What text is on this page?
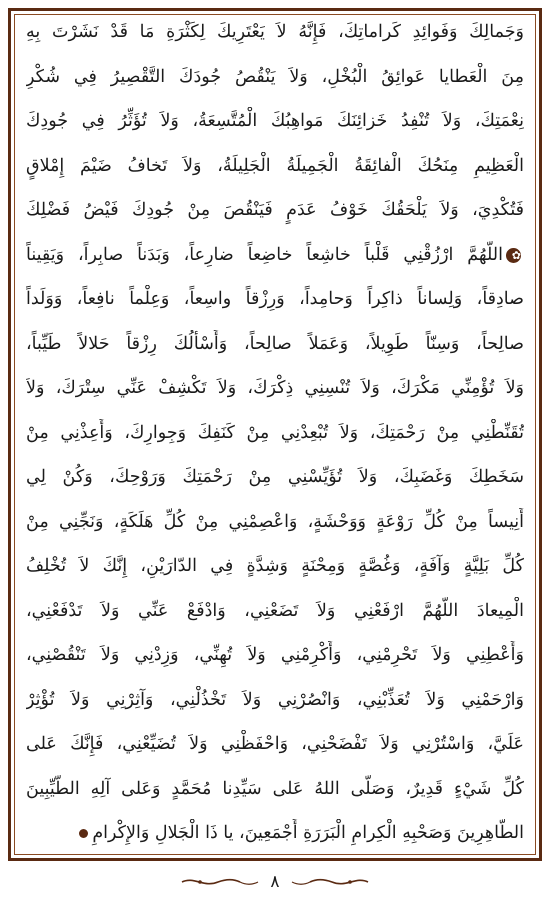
وَجَمالِكَ وَفَوائِدِ كَراماتِكَ، فَإِنَّهُ لاَ يَعْتَرِيكَ لِكَثْرَةِ مَا قَدْ نَشَرْتَ بِهِ
مِنَ الْعَطايا عَوائِقُ الْبُخْلِ، وَلاَ يَنْقُصُ جُودَكَ التَّقْصِيرُ فِي شُكْرِ
نِعْمَتِكَ، وَلاَ تُنْفِدُ خَزائِنَكَ مَواهِبُكَ الْمُتَّسِعَةُ، وَلاَ تُؤَثِّرُ فِي جُودِكَ
الْعَظِيمِ مِنَحُكَ الْفائِقَةُ الْجَمِيلَةُ الْجَلِيلَةُ، وَلاَ تَخافُ ضَيْمَ إِمْلاقٍ
فَتُكْدِيَ، وَلاَ يَلْحَقُكَ خَوْفُ عَدَمٍ فَيَنْقُصَ مِنْ جُودِكَ فَيْضُ فَضْلِكَ
✿اللَّهُمَّ ارْزُقْنِي قَلْباً خاشِعاً خاضِعاً ضارِعاً، وَبَدَناً صابِراً، وَيَقِيناً
صادِقاً، وَلِساناً ذاكِراً وَحامِداً، وَرِزْقاً واسِعاً، وَعِلْماً نافِعاً، وَوَلَداً
صالِحاً، وَسِنّاً طَوِيلاً، وَعَمَلاً صالِحاً، وَأَسْأَلُكَ رِزْقاً حَلالاً طَيِّباً،
وَلاَ تُؤْمِنِّي مَكْرَكَ، وَلاَ تُنْسِنِي ذِكْرَكَ، وَلاَ تَكْشِفْ عَنِّي سِتْرَكَ، وَلاَ
تُقَنِّطْنِي مِنْ رَحْمَتِكَ، وَلاَ تُبْعِدْنِي مِنْ كَنَفِكَ وَجِوارِكَ، وَأَعِذْنِي مِنْ
سَخَطِكَ وَغَضَبِكَ، وَلاَ تُؤَيِّسْنِي مِنْ رَحْمَتِكَ وَرَوْحِكَ، وَكُنْ لِي
أَنِيساً مِنْ كُلِّ رَوْعَةٍ وَوَحْشَةٍ، وَاعْصِمْنِي مِنْ كُلِّ هَلَكَةٍ، وَنَجِّنِي مِنْ
كُلِّ بَلِيَّةٍ وَآفَةٍ، وَغُصَّةٍ وَمِحْنَةٍ وَشِدَّةٍ فِي الدّارَيْنِ، إِنَّكَ لاَ تُخْلِفُ
الْمِيعادَ اللَّهُمَّ ارْفَعْنِي وَلاَ تَضَعْنِي، وَادْفَعْ عَنِّي وَلاَ تَدْفَعْنِي،
وَأَعْطِنِي وَلاَ تَحْرِمْنِي، وَأَكْرِمْنِي وَلاَ تُهِنِّي، وَزِدْنِي وَلاَ تَنْقُصْنِي،
وَارْحَمْنِي وَلاَ تُعَذِّبْنِي، وَانْصُرْنِي وَلاَ تَخْذُلْنِي، وَآثِرْنِي وَلاَ تُؤْثِرْ
عَلَيَّ، وَاسْتُرْنِي وَلاَ تَفْضَحْنِي، وَاحْفَظْنِي وَلاَ تُضَيِّعْنِي، فَإِنَّكَ عَلى
كُلِّ شَيْءٍ قَدِيرٌ، وَصَلَّى اللهُ عَلى سَيِّدِنا مُحَمَّدٍ وَعَلى آلِهِ الطَّيِّبِينَ
الطّاهِرِينَ وَصَحْبِهِ الْكِرامِ الْبَرَرَةِ أَجْمَعِينَ، يا ذَا الْجَلالِ وَالإِكْرامِ
٨
